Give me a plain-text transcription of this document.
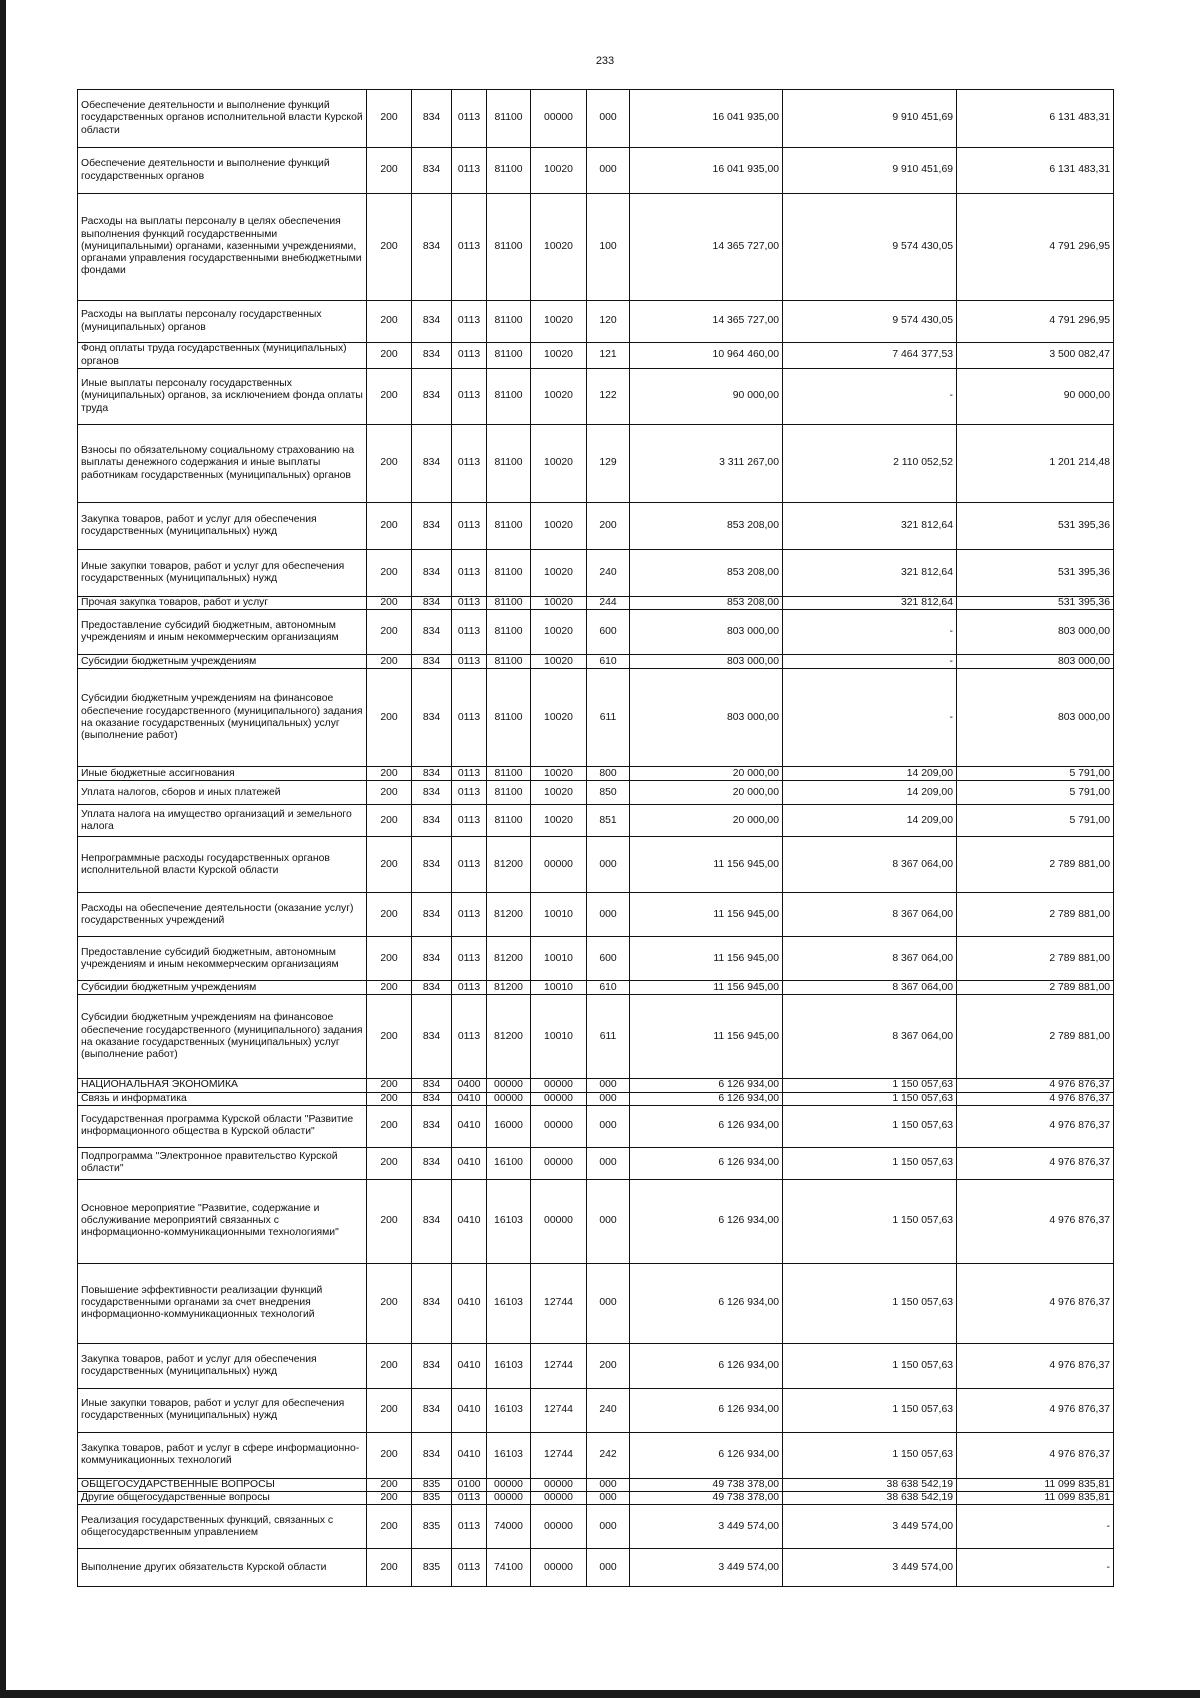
233
Обеспечение деятельности и выполнение функций государственных органов исполнительной власти Курской области	200	834	0113	81100	00000	000	16 041 935,00	9 910 451,69	6 131 483,31
Обеспечение деятельности и выполнение функций государственных органов	200	834	0113	81100	10020	000	16 041 935,00	9 910 451,69	6 131 483,31
Расходы на выплаты персоналу в целях обеспечения выполнения функций государственными (муниципальными) органами, казенными учреждениями, органами управления государственными внебюджетными фондами	200	834	0113	81100	10020	100	14 365 727,00	9 574 430,05	4 791 296,95
Расходы на выплаты персоналу государственных (муниципальных) органов	200	834	0113	81100	10020	120	14 365 727,00	9 574 430,05	4 791 296,95
Фонд оплаты труда государственных (муниципальных) органов	200	834	0113	81100	10020	121	10 964 460,00	7 464 377,53	3 500 082,47
Иные выплаты персоналу государственных (муниципальных) органов, за исключением фонда оплаты труда	200	834	0113	81100	10020	122	90 000,00	-	90 000,00
Взносы по обязательному социальному страхованию на выплаты денежного содержания и иные выплаты работникам государственных (муниципальных) органов	200	834	0113	81100	10020	129	3 311 267,00	2 110 052,52	1 201 214,48
Закупка товаров, работ и услуг для обеспечения государственных (муниципальных) нужд	200	834	0113	81100	10020	200	853 208,00	321 812,64	531 395,36
Иные закупки товаров, работ и услуг для обеспечения государственных (муниципальных) нужд	200	834	0113	81100	10020	240	853 208,00	321 812,64	531 395,36
Прочая закупка товаров, работ и услуг	200	834	0113	81100	10020	244	853 208,00	321 812,64	531 395,36
Предоставление субсидий бюджетным, автономным учреждениям и иным некоммерческим организациям	200	834	0113	81100	10020	600	803 000,00	-	803 000,00
Субсидии бюджетным учреждениям	200	834	0113	81100	10020	610	803 000,00	-	803 000,00
Субсидии бюджетным учреждениям на финансовое обеспечение государственного (муниципального) задания на оказание государственных (муниципальных) услуг (выполнение работ)	200	834	0113	81100	10020	611	803 000,00	-	803 000,00
Иные бюджетные ассигнования	200	834	0113	81100	10020	800	20 000,00	14 209,00	5 791,00
Уплата налогов, сборов и иных платежей	200	834	0113	81100	10020	850	20 000,00	14 209,00	5 791,00
Уплата налога на имущество организаций и земельного налога	200	834	0113	81100	10020	851	20 000,00	14 209,00	5 791,00
Непрограммные расходы государственных органов исполнительной власти Курской области	200	834	0113	81200	00000	000	11 156 945,00	8 367 064,00	2 789 881,00
Расходы на обеспечение деятельности (оказание услуг) государственных учреждений	200	834	0113	81200	10010	000	11 156 945,00	8 367 064,00	2 789 881,00
Предоставление субсидий бюджетным, автономным учреждениям и иным некоммерческим организациям	200	834	0113	81200	10010	600	11 156 945,00	8 367 064,00	2 789 881,00
Субсидии бюджетным учреждениям	200	834	0113	81200	10010	610	11 156 945,00	8 367 064,00	2 789 881,00
Субсидии бюджетным учреждениям на финансовое обеспечение государственного (муниципального) задания на оказание государственных (муниципальных) услуг (выполнение работ)	200	834	0113	81200	10010	611	11 156 945,00	8 367 064,00	2 789 881,00
НАЦИОНАЛЬНАЯ ЭКОНОМИКА	200	834	0400	00000	00000	000	6 126 934,00	1 150 057,63	4 976 876,37
Связь и информатика	200	834	0410	00000	00000	000	6 126 934,00	1 150 057,63	4 976 876,37
Государственная программа Курской области "Развитие информационного общества в Курской области"	200	834	0410	16000	00000	000	6 126 934,00	1 150 057,63	4 976 876,37
Подпрограмма "Электронное правительство Курской области"	200	834	0410	16100	00000	000	6 126 934,00	1 150 057,63	4 976 876,37
Основное мероприятие "Развитие, содержание и обслуживание мероприятий связанных с информационно-коммуникационными технологиями"	200	834	0410	16103	00000	000	6 126 934,00	1 150 057,63	4 976 876,37
Повышение эффективности реализации функций государственными органами за счет внедрения информационно-коммуникационных технологий	200	834	0410	16103	12744	000	6 126 934,00	1 150 057,63	4 976 876,37
Закупка товаров, работ и услуг для обеспечения государственных (муниципальных) нужд	200	834	0410	16103	12744	200	6 126 934,00	1 150 057,63	4 976 876,37
Иные закупки товаров, работ и услуг для обеспечения государственных (муниципальных) нужд	200	834	0410	16103	12744	240	6 126 934,00	1 150 057,63	4 976 876,37
Закупка товаров, работ и услуг в сфере информационно-коммуникационных технологий	200	834	0410	16103	12744	242	6 126 934,00	1 150 057,63	4 976 876,37
ОБЩЕГОСУДАРСТВЕННЫЕ ВОПРОСЫ	200	835	0100	00000	00000	000	49 738 378,00	38 638 542,19	11 099 835,81
Другие общегосударственные вопросы	200	835	0113	00000	00000	000	49 738 378,00	38 638 542,19	11 099 835,81
Реализация государственных функций, связанных с общегосударственным управлением	200	835	0113	74000	00000	000	3 449 574,00	3 449 574,00	-
Выполнение других обязательств Курской области	200	835	0113	74100	00000	000	3 449 574,00	3 449 574,00	-
